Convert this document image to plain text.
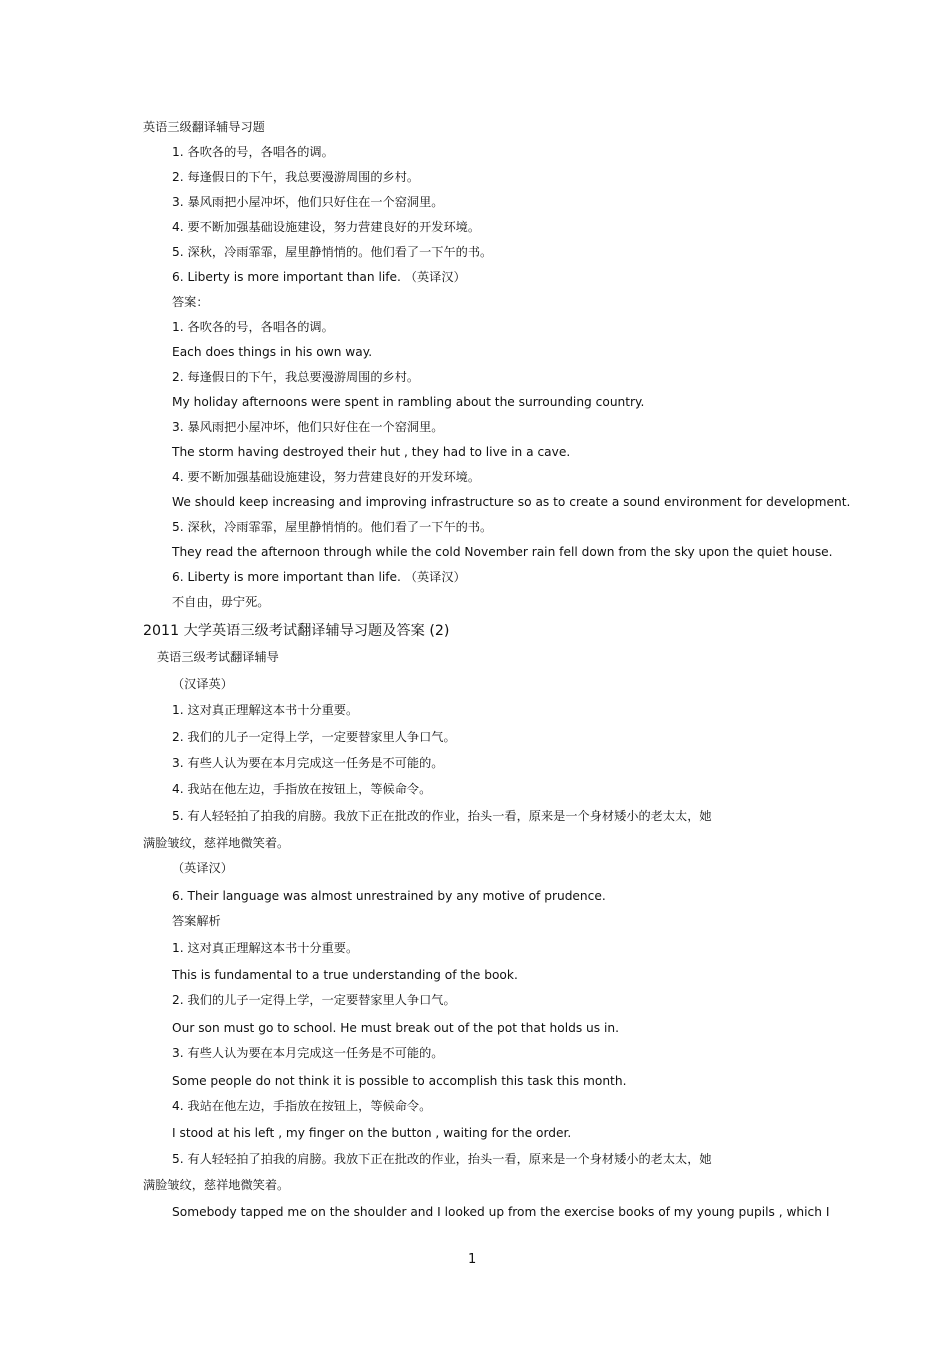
英语三级翻译辅导习题
1. 各吹各的号，各唱各的调。
2. 每逢假日的下午，我总要漫游周围的乡村。
3. 暴风雨把小屋冲坏，他们只好住在一个窑洞里。
4. 要不断加强基础设施建设，努力营建良好的开发环境。
5. 深秋，冷雨霏霏，屋里静悄悄的。他们看了一下午的书。
6. Liberty is more important than life. （英译汉）
答案：
1. 各吹各的号，各唱各的调。
Each does things in his own way.
2. 每逢假日的下午，我总要漫游周围的乡村。
My holiday afternoons were spent in rambling about the surrounding country.
3. 暴风雨把小屋冲坏，他们只好住在一个窑洞里。
The storm having destroyed their hut , they had to live in a cave.
4. 要不断加强基础设施建设，努力营建良好的开发环境。
We should keep increasing and improving infrastructure so as to create a sound environment for development.
5. 深秋，冷雨霏霏，屋里静悄悄的。他们看了一下午的书。
They read the afternoon through while the cold November rain fell down from the sky upon the quiet house.
6. Liberty is more important than life. （英译汉）
不自由，毋宁死。
2011 大学英语三级考试翻译辅导习题及答案 (2)
英语三级考试翻译辅导
（汉译英）
1. 这对真正理解这本书十分重要。
2. 我们的儿子一定得上学，一定要替家里人争口气。
3. 有些人认为要在本月完成这一任务是不可能的。
4. 我站在他左边，手指放在按钮上，等候命令。
5. 有人轻轻拍了拍我的肩膀。我放下正在批改的作业，抬头一看，原来是一个身材矮小的老太太，她
满脸皱纹，慈祥地微笑着。
（英译汉）
6. Their language was almost unrestrained by any motive of prudence.
答案解析
1. 这对真正理解这本书十分重要。
This is fundamental to a true understanding of the book.
2. 我们的儿子一定得上学，一定要替家里人争口气。
Our son must go to school. He must break out of the pot that holds us in.
3. 有些人认为要在本月完成这一任务是不可能的。
Some people do not think it is possible to accomplish this task this month.
4. 我站在他左边，手指放在按钮上，等候命令。
I stood at his left , my finger on the button , waiting for the order.
5. 有人轻轻拍了拍我的肩膀。我放下正在批改的作业，抬头一看，原来是一个身材矮小的老太太，她
满脸皱纹，慈祥地微笑着。
Somebody tapped me on the shoulder and I looked up from the exercise books of my young pupils , which I
1
